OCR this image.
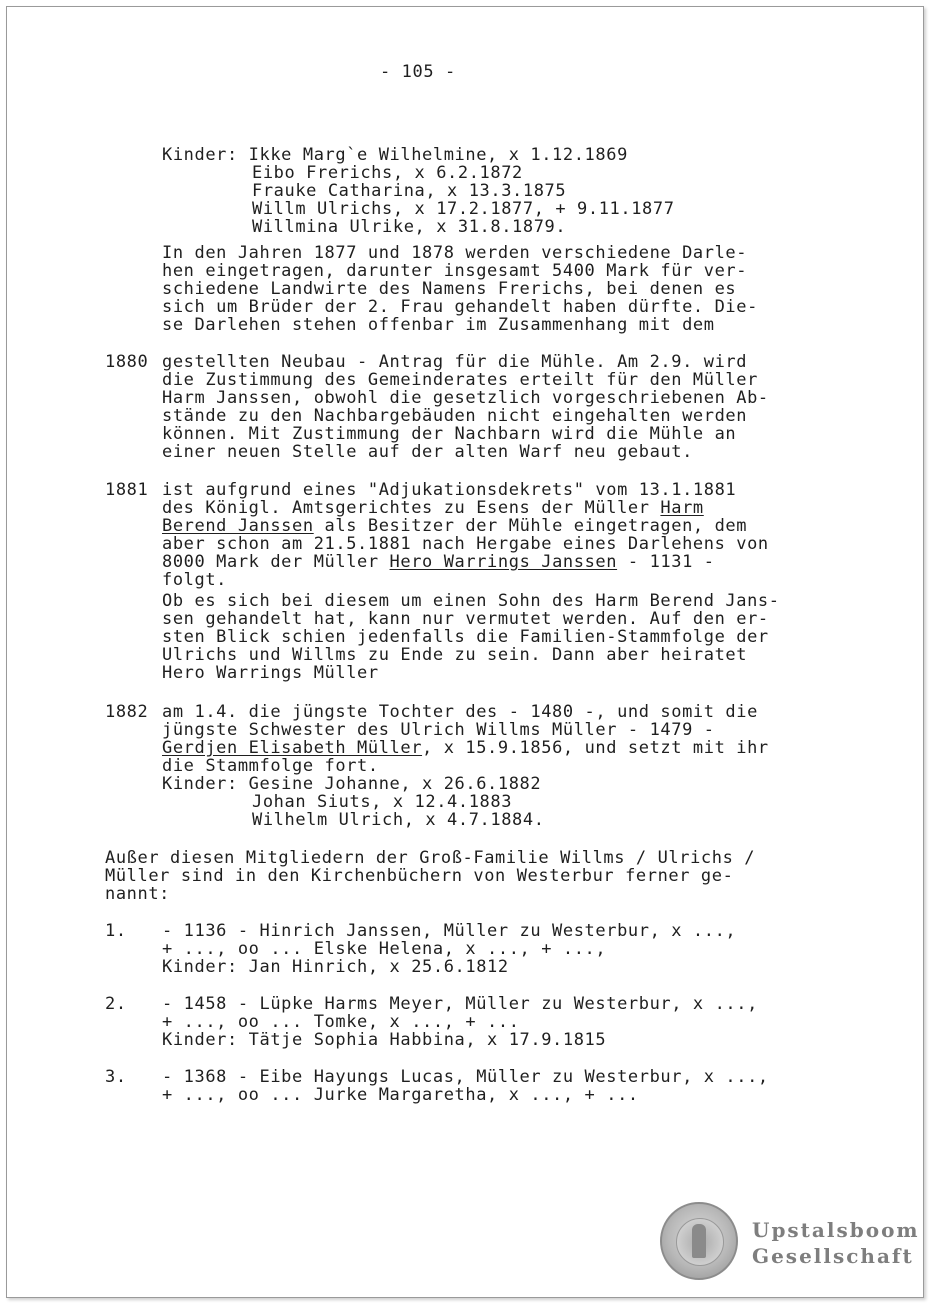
- 105 -
Kinder: Ikke Marg`e Wilhelmine, x 1.12.1869
Eibo Frerichs, x 6.2.1872
Frauke Catharina, x 13.3.1875
Willm Ulrichs, x 17.2.1877, + 9.11.1877
Willmina Ulrike, x 31.8.1879.
In den Jahren 1877 und 1878 werden verschiedene Darle-
hen eingetragen, darunter insgesamt 5400 Mark für ver-
schiedene Landwirte des Namens Frerichs, bei denen es
sich um Brüder der 2. Frau gehandelt haben dürfte. Die-
se Darlehen stehen offenbar im Zusammenhang mit dem
1880 gestellten Neubau - Antrag für die Mühle. Am 2.9. wird
die Zustimmung des Gemeinderates erteilt für den Müller
Harm Janssen, obwohl die gesetzlich vorgeschriebenen Ab-
stände zu den Nachbargebäuden nicht eingehalten werden
können. Mit Zustimmung der Nachbarn wird die Mühle an
einer neuen Stelle auf der alten Warf neu gebaut.
1881 ist aufgrund eines "Adjukationsdekrets" vom 13.1.1881
des Königl. Amtsgerichtes zu Esens der Müller Harm
Berend Janssen als Besitzer der Mühle eingetragen, dem
aber schon am 21.5.1881 nach Hergabe eines Darlehens von
8000 Mark der Müller Hero Warrings Janssen - 1131 -
folgt.
Ob es sich bei diesem um einen Sohn des Harm Berend Jans-
sen gehandelt hat, kann nur vermutet werden. Auf den er-
sten Blick schien jedenfalls die Familien-Stammfolge der
Ulrichs und Willms zu Ende zu sein. Dann aber heiratet
Hero Warrings Müller
1882 am 1.4. die jüngste Tochter des - 1480 -, und somit die
jüngste Schwester des Ulrich Willms Müller - 1479 -
Gerdjen Elisabeth Müller, x 15.9.1856, und setzt mit ihr
die Stammfolge fort.
Kinder: Gesine Johanne, x 26.6.1882
Johan Siuts, x 12.4.1883
Wilhelm Ulrich, x 4.7.1884.
Außer diesen Mitgliedern der Groß-Familie Willms / Ulrichs /
Müller sind in den Kirchenbüchern von Westerbur ferner ge-
nannt:
1. - 1136 - Hinrich Janssen, Müller zu Westerbur, x ...,
+ ..., oo ... Elske Helena, x ..., + ...,
Kinder: Jan Hinrich, x 25.6.1812
2. - 1458 - Lüpke Harms Meyer, Müller zu Westerbur, x ...,
+ ..., oo ... Tomke, x ..., + ...
Kinder: Tätje Sophia Habbina, x 17.9.1815
3. - 1368 - Eibe Hayungs Lucas, Müller zu Westerbur, x ...,
+ ..., oo ... Jurke Margaretha, x ..., + ...
Upstalsboom
Gesellschaft
